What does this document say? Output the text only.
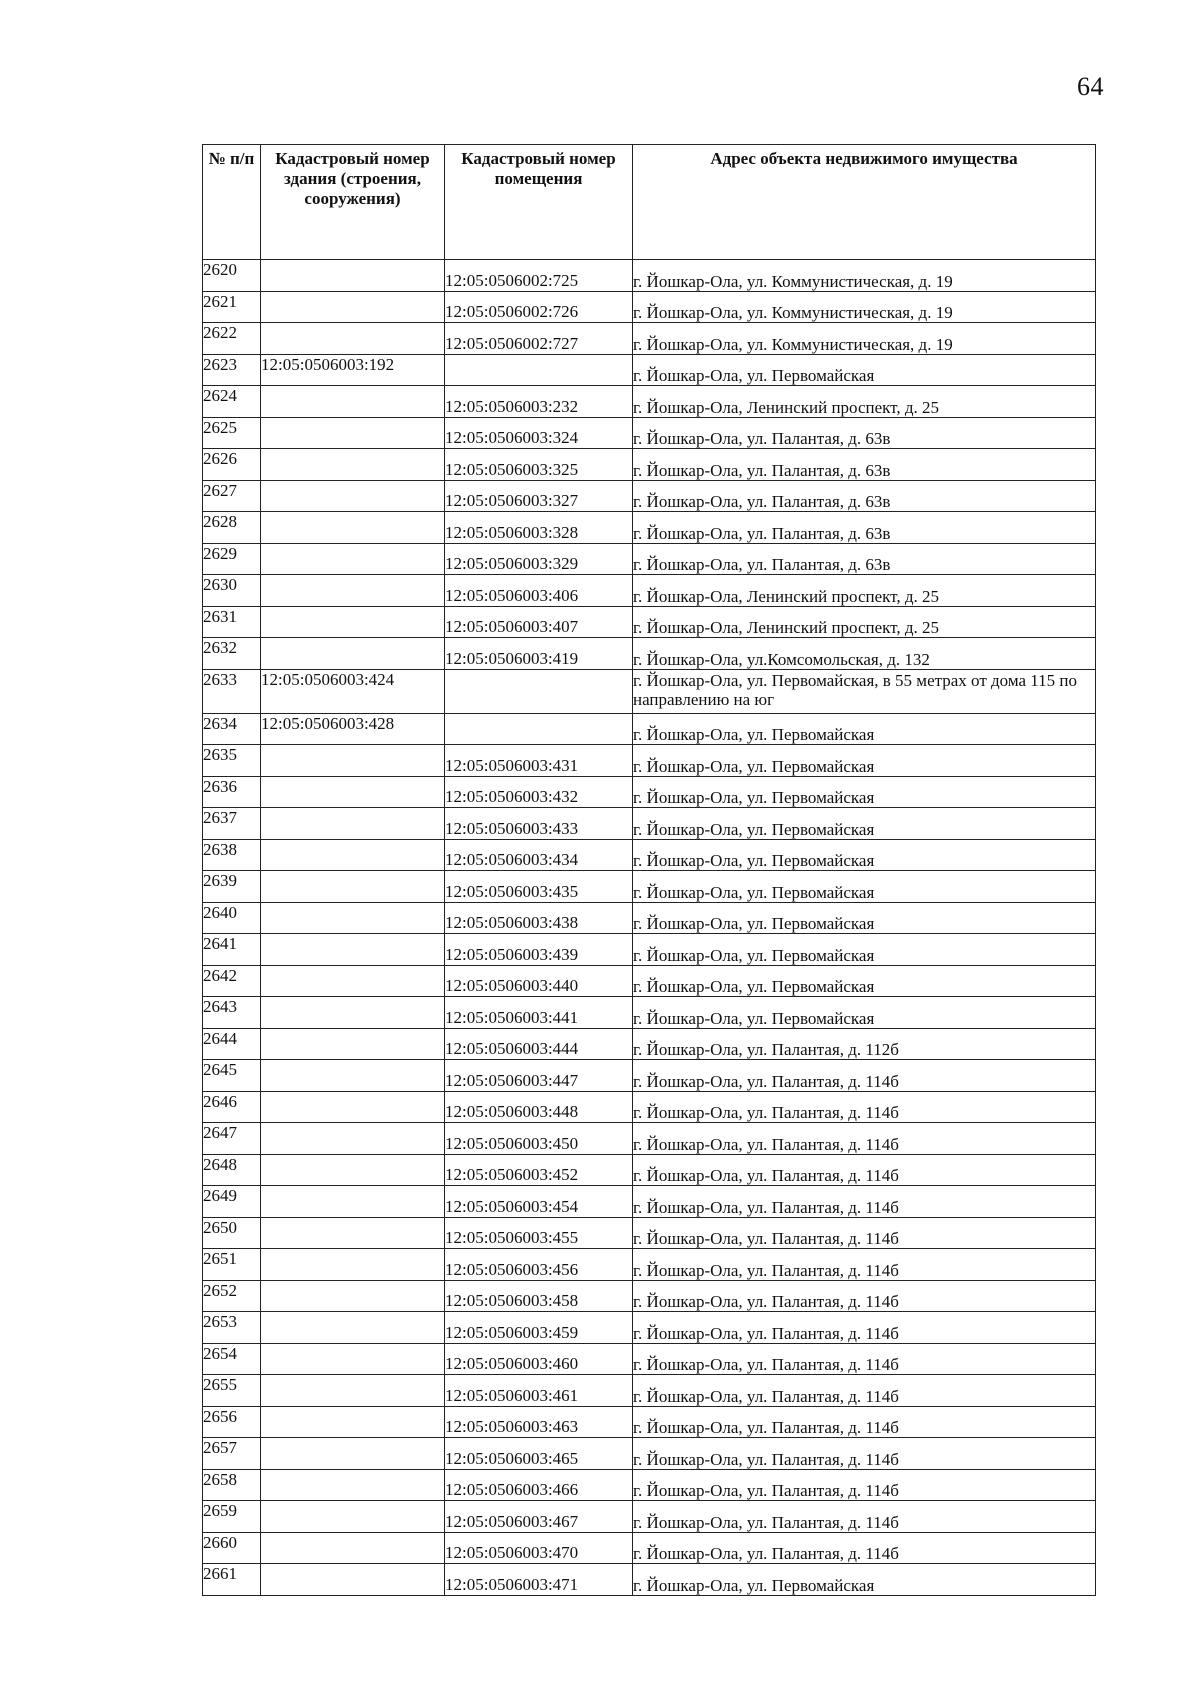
64
№ п/п	Кадастровый номер здания (строения, сооружения)	Кадастровый номер помещения	Адрес объекта недвижимого имущества
2620		12:05:0506002:725	г. Йошкар-Ола, ул. Коммунистическая, д. 19
2621		12:05:0506002:726	г. Йошкар-Ола, ул. Коммунистическая, д. 19
2622		12:05:0506002:727	г. Йошкар-Ола, ул. Коммунистическая, д. 19
2623	12:05:0506003:192		г. Йошкар-Ола, ул. Первомайская
2624		12:05:0506003:232	г. Йошкар-Ола, Ленинский проспект, д. 25
2625		12:05:0506003:324	г. Йошкар-Ола, ул. Палантая, д. 63в
2626		12:05:0506003:325	г. Йошкар-Ола, ул. Палантая, д. 63в
2627		12:05:0506003:327	г. Йошкар-Ола, ул. Палантая, д. 63в
2628		12:05:0506003:328	г. Йошкар-Ола, ул. Палантая, д. 63в
2629		12:05:0506003:329	г. Йошкар-Ола, ул. Палантая, д. 63в
2630		12:05:0506003:406	г. Йошкар-Ола, Ленинский проспект, д. 25
2631		12:05:0506003:407	г. Йошкар-Ола, Ленинский проспект, д. 25
2632		12:05:0506003:419	г. Йошкар-Ола, ул.Комсомольская, д. 132
2633	12:05:0506003:424		г. Йошкар-Ола, ул. Первомайская, в 55 метрах от дома 115 по направлению на юг
2634	12:05:0506003:428		г. Йошкар-Ола, ул. Первомайская
2635		12:05:0506003:431	г. Йошкар-Ола, ул. Первомайская
2636		12:05:0506003:432	г. Йошкар-Ола, ул. Первомайская
2637		12:05:0506003:433	г. Йошкар-Ола, ул. Первомайская
2638		12:05:0506003:434	г. Йошкар-Ола, ул. Первомайская
2639		12:05:0506003:435	г. Йошкар-Ола, ул. Первомайская
2640		12:05:0506003:438	г. Йошкар-Ола, ул. Первомайская
2641		12:05:0506003:439	г. Йошкар-Ола, ул. Первомайская
2642		12:05:0506003:440	г. Йошкар-Ола, ул. Первомайская
2643		12:05:0506003:441	г. Йошкар-Ола, ул. Первомайская
2644		12:05:0506003:444	г. Йошкар-Ола, ул. Палантая, д. 112б
2645		12:05:0506003:447	г. Йошкар-Ола, ул. Палантая, д. 114б
2646		12:05:0506003:448	г. Йошкар-Ола, ул. Палантая, д. 114б
2647		12:05:0506003:450	г. Йошкар-Ола, ул. Палантая, д. 114б
2648		12:05:0506003:452	г. Йошкар-Ола, ул. Палантая, д. 114б
2649		12:05:0506003:454	г. Йошкар-Ола, ул. Палантая, д. 114б
2650		12:05:0506003:455	г. Йошкар-Ола, ул. Палантая, д. 114б
2651		12:05:0506003:456	г. Йошкар-Ола, ул. Палантая, д. 114б
2652		12:05:0506003:458	г. Йошкар-Ола, ул. Палантая, д. 114б
2653		12:05:0506003:459	г. Йошкар-Ола, ул. Палантая, д. 114б
2654		12:05:0506003:460	г. Йошкар-Ола, ул. Палантая, д. 114б
2655		12:05:0506003:461	г. Йошкар-Ола, ул. Палантая, д. 114б
2656		12:05:0506003:463	г. Йошкар-Ола, ул. Палантая, д. 114б
2657		12:05:0506003:465	г. Йошкар-Ола, ул. Палантая, д. 114б
2658		12:05:0506003:466	г. Йошкар-Ола, ул. Палантая, д. 114б
2659		12:05:0506003:467	г. Йошкар-Ола, ул. Палантая, д. 114б
2660		12:05:0506003:470	г. Йошкар-Ола, ул. Палантая, д. 114б
2661		12:05:0506003:471	г. Йошкар-Ола, ул. Первомайская
